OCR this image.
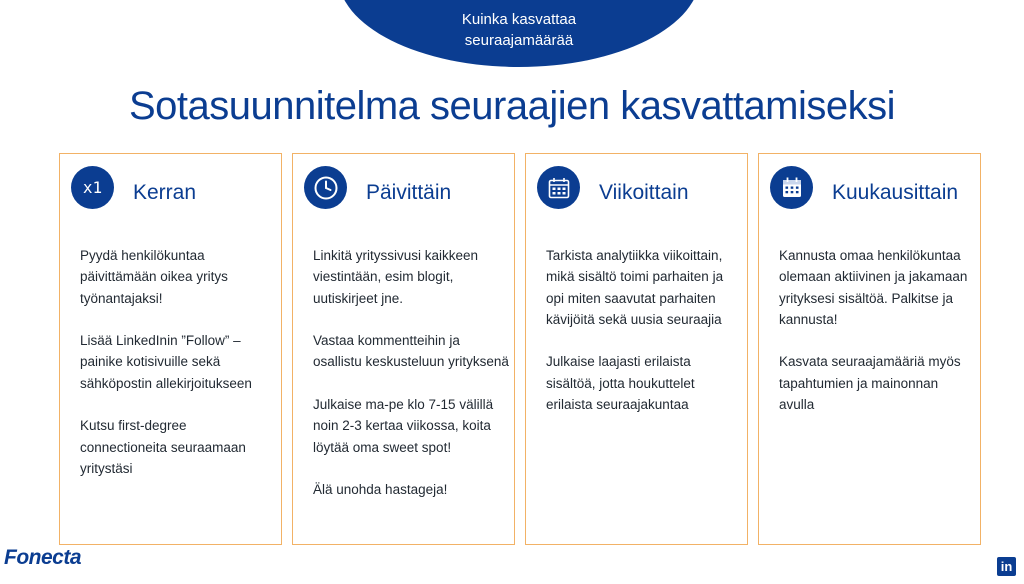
Kuinka kasvattaa
seuraajamäärää
Sotasuunnitelma seuraajien kasvattamiseksi
x1 Kerran

Pyydä henkilökuntaa päivittämään oikea yritys työnantajaksi!

Lisää LinkedInin ”Follow” – painike kotisivuille sekä sähköpostin allekirjoitukseen

Kutsu first-degree connectioneita seuraamaan yritystäsi

Päivittäin

Linkitä yrityssivusi kaikkeen viestintään, esim blogit, uutiskirjeet jne.

Vastaa kommentteihin ja osallistu keskusteluun yrityksenä

Julkaise ma-pe klo 7-15 välillä noin 2-3 kertaa viikossa, koita löytää oma sweet spot!

Älä unohda hastageja!

Viikoittain

Tarkista analytiikka viikoittain, mikä sisältö toimi parhaiten ja opi miten saavutat parhaiten kävijöitä sekä uusia seuraajia

Julkaise laajasti erilaista sisältöä, jotta houkuttelet erilaista seuraajakuntaa

Kuukausittain

Kannusta omaa henkilökuntaa olemaan aktiivinen ja jakamaan yrityksesi sisältöä. Palkitse ja kannusta!

Kasvata seuraajamääriä myös tapahtumien ja mainonnan avulla

Fonecta	in
